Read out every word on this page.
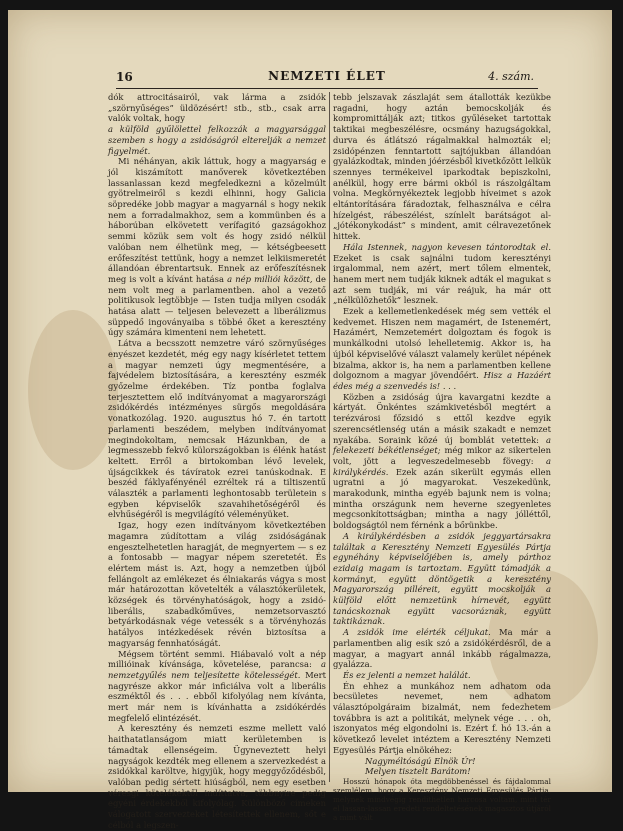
16	NEMZETI ÉLET	4. szám.

dók attrocitásairól, vak lárma a zsidók „szörnyűséges” üldözésért! stb., stb., csak arra valók voltak, hogy

a külföld gyűlölettel felkozzák a magyarsággal szemben s hogy a zsidóságról elterelják a nemzet figyelmét.

Mi néhányan, akik láttuk, hogy a magyarság e jól kiszámított manőverek következtében lassanlassan kezd megfeledkezni a közelmúlt gyötrelmeiről s kezdi elhinni, hogy Galicia söpredéke jobb magyar a magyarnál s hogy nekik nem a forradalmakhoz, sem a kommünben és a háborúban elkövetett verífagitó gazságokhoz semmi közük sem volt és hogy zsidó nélkül valóban nem élhetünk meg, — kétségbeesett erőfeszítést tettünk, hogy a nemzet lelkiismeretét állandóan ébrentartsuk. Ennek az erőfeszítésnek meg is volt a kívánt hatása a nép milliói között, de nem volt meg a parlamentben. ahol a vezető politikusok legtöbbje — Isten tudja milyen csodák hatása alatt — teljesen belevezett a liberálizmus süppedő ingoványaiba s többé őket a keresztény úgy számára kimenteni nem lehetett.

Látva a becsszott nemzetre váró szörnyűséges enyészet kezdetét, még egy nagy kísérletet tettem a magyar nemzeti úgy megmentésére, a fajvédelem biztosítására, a keresztény eszmék győzelme érdekében. Tíz pontba foglalva terjesztettem elő indítványomat a magyarországi zsidókérdés intézményes sürgős megoldására vonatkozólag. 1920. augusztus hó 7. én tartott parlamenti beszédem, melyben indítványomat megindokoltam, nemcsak Házunkban, de a legmesszebb fekvő külországokban is élénk hatást keltett. Erről a birtokomban lévő levelek, újságcikkek és távíratok ezrei tanúskodnak. E beszéd fáklyafényénél ezréltek rá a tiltiszentű választék a parlamenti leghontosabb területein s egyben képviselők szavahihetőségéről és elvhűségéről is megvilágító véleményüket.

Igaz, hogy ezen indítványom következtében magamra zúdítottam a világ zsidóságának engesztelhetetlen haragját, de megnyertem — s ez a fontosabb — magyar népem szeretetét. És elértem mást is. Azt, hogy a nemzetben újból fellángolt az emlékezet és élniakarás vágya s most már határozottan követelték a választókerületek, községek és törvényhatóságok, hogy a zsidó-liberális, szabadkőműves, nemzetsorvasztó betyárkodásnak vége vetessék s a törvényhozás hatályos intézkedések révén biztosítsa a magyarság fennhatóságát.

Mégsem történt semmi. Hiábavaló volt a nép millióinak kívánsága, követelése, parancsa: a nemzetgyűlés nem teljesítette kötelességét. Mert nagyrésze akkor már inficiálva volt a liberális eszméktől és . . . ebből kifolyólag nem kívánta, mert már nem is kívánhatta a zsidókérdés megfelelő elintézését.

A keresztény és nemzeti eszme mellett való haithatatlanságom miatt kerületemben is támadtak ellenségeim. Ügyneveztett helyi nagyságok kezdték meg ellenem a szervezkedést a zsidókkal karöltve, higyjük, hogy meggyőződésből, valóban pedig sértett hiúságból, nem egy esetben véresgi kötelékektől indíttatva, többnyire pedig egyéni érdekekből kifolyólag. Különböző címeken válogatott szervezteket létesítettek ellenem, sőt e célból a legszen-

tebb jelszavak zászlaját sem átallották kezükbe ragadni, hogy aztán bemocskolják és kompromittálják azt; titkos gyűléseket tartottak taktikai megbeszélésre, ocsmány hazugságokkal, durva és átlátszó rágalmakkal halmozták el; zsidópénzen fenntartott sajtójukban állandóan gyalázkodtak, minden jóérzésből kivetkőzött lelkük szennyes termékeivel iparkodtak bepiszkolni, anélkül, hogy erre bármi okból is rászolgáltam volna. Megkörnyékeztek legjobb híveimet s azok eltántorítására fáradoztak, felhasználva e célra hízelgést, rábeszélést, színlelt barátságot al- „jótékonykodást” s mindent, amit célravezetőnek hittek.

Hála Istennek, nagyon kevesen tántorodtak el. Ezeket is csak sajnálni tudom keresztényi irgalommal, nem azért, mert tőlem elmentek, hanem mert nem tudják kiknek adták el magukat s azt sem tudják, mi vár reájuk, ha már ott „nélkülözhetők” lesznek.

Ezek a kellemetlenkedések még sem vették el kedvemet. Hiszen nem magamért, de Istenemért, Hazámért, Nemzetemért dolgoztam és fogok is munkálkodni utolsó lehelletemig. Akkor is, ha újból képviselővé választ valamely kerület népének bizalma, akkor is, ha nem a parlamentben kellene dolgoznom a magyar jövendőért. Hisz a Hazáért édes még a szenvedés is! . . .

Közben a zsidóság újra kavargatni kezdte a kártyát. Önkéntes számkivetésből megtért a terézvárosi főzsidó s ettől kezdve egyik szerencsétlenség után a másik szakadt e nemzet nyakába. Soraink közé új bomblát vetettek: a felekezeti békétlenséget; még mikor az sikertelen volt, jött a legveszedelmesebb fövegy: a királykérdés. Ezek azán sikerült egymás ellen ugratni a jó magyarokat. Veszekedünk, marakodunk, mintha egyéb bajunk nem is volna; mintha országunk nem heverne szegyenletes megcsonkítottságban; mintha a nagy jólléttől, boldogságtól nem férnénk a bőrünkbe.

A királykérdésben a zsidók jeggyartársakra találtak a Keresztény Nemzeti Egyesülés Pártja egynéhány képviselőjében is, amely párthoz ezidaig magam is tartoztam. Együtt támadják a kormányt, együtt döntögetik a keresztény Magyarország pilléreit, együtt mocskolják a külföld előtt nemzetünk hírnevét, együtt tanácskoznak együtt vacsoráznak, együtt taktikáznak.

A zsidók ime elérték céljukat. Ma már a parlamentben alig esik szó a zsidókérdésről, de a magyar, a magyart annál inkább rágalmazza, gyalázza.

És ez jelenti a nemzet halálát.

Én ehhez a munkához nem adhatom oda becsületes nevemet, nem adhatom választópolgáraim bizalmát, nem fedezhetem továbbra is azt a politikát, melynek vége . . . oh, iszonyatos még elgondolni is. Ezért f. hó 13.-án a következő levelet intéztem a Keresztény Nemzeti Egyesülés Pártja elnökéhez:

Nagyméltóságú Elnök Úr!

Melyen tisztelt Barátom!

Hosszú hónapok óta megdöbbenéssel és fájdalommal szemlélem, hogy a Keresztény Nemzeti Egyesülés Pártja, melynek mindvégig rendíthetlen harcosa voltam, mint tér el lassan-lassan eredeti rendeltetésének magasztos útjáról a mint vált
